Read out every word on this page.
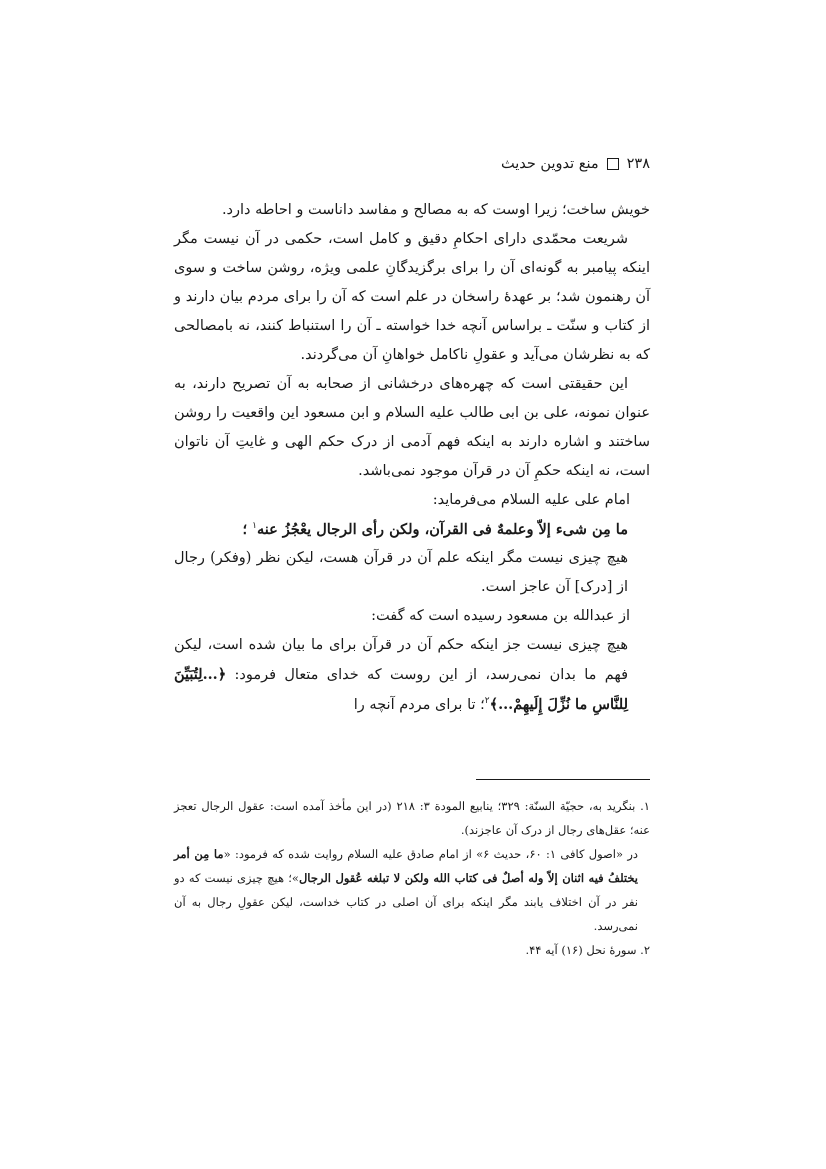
۲۳۸
منع تدوین حدیث

خویش ساخت؛ زیرا اوست که به مصالح و مفاسد داناست و احاطه دارد.

شریعت محمّدی دارای احکامِ دقیق و کامل است، حکمی در آن نیست مگر اینکه پیامبر به گونه‌ای آن را برای برگزیدگانِ علمی ویژه، روشن ساخت و سوی آن رهنمون شد؛ بر عهدهٔ راسخان در علم است که آن را برای مردم بیان دارند و از کتاب و سنّت ـ براساس آنچه خدا خواسته ـ آن را استنباط کنند، نه بامصالحی که به نظرشان می‌آید و عقولِ ناکامل خواهانِ آن می‌گردند.

این حقیقتی است که چهره‌های درخشانی از صحابه به آن تصریح دارند، به عنوان نمونه، علی بن ابی طالب علیه السلام و ابن مسعود این واقعیت را روشن ساختند و اشاره دارند به اینکه فهم آدمی از درک حکم الهی و غایتِ آن ناتوان است، نه اینکه حکمِ آن در قرآن موجود نمی‌باشد.

امام علی علیه السلام می‌فرماید:

ما مِن شیء إلاّ وعلمهٌ فی القرآن، ولکن رأی الرجال یعْجُزُ عنه$^۱$ ؛

هیچ چیزی نیست مگر اینکه علم آن در قرآن هست، لیکن نظر (وفکر) رجال از [درک] آن عاجز است.

از عبدالله بن مسعود رسیده است که گفت:

هیچ چیزی نیست جز اینکه حکم آن در قرآن برای ما بیان شده است، لیکن فهم ما بدان نمی‌رسد، از این روست که خدای متعال فرمود: ﴿...لِتُبَیِّنَ لِلنَّاسِ ما نُزِّلَ إِلَیهِمْ...﴾$^۲$؛ تا برای مردم آنچه را

۱. بنگرید به، حجیّة السنّة: ۳۲۹؛ ینابیع المودة ۳: ۲۱۸ (در این مأخذ آمده است: عقول الرجال تعجز عنه؛ عقل‌های رجال از درک آن عاجزند).

در «اصول کافی ۱: ۶۰، حدیث ۶» از امام صادق علیه السلام روایت شده که فرمود: «ما مِن أمر یختلفُ فیه اثنان إلاّ وله أصلٌ فی کتاب الله ولکن لا تبلغه عُقول الرجال»؛ هیچ چیزی نیست که دو نفر در آن اختلاف یابند مگر اینکه برای آن اصلی در کتاب خداست، لیکن عقولِ رجال به آن نمی‌رسد.

۲. سورهٔ نحل (۱۶) آیه ۴۴.
